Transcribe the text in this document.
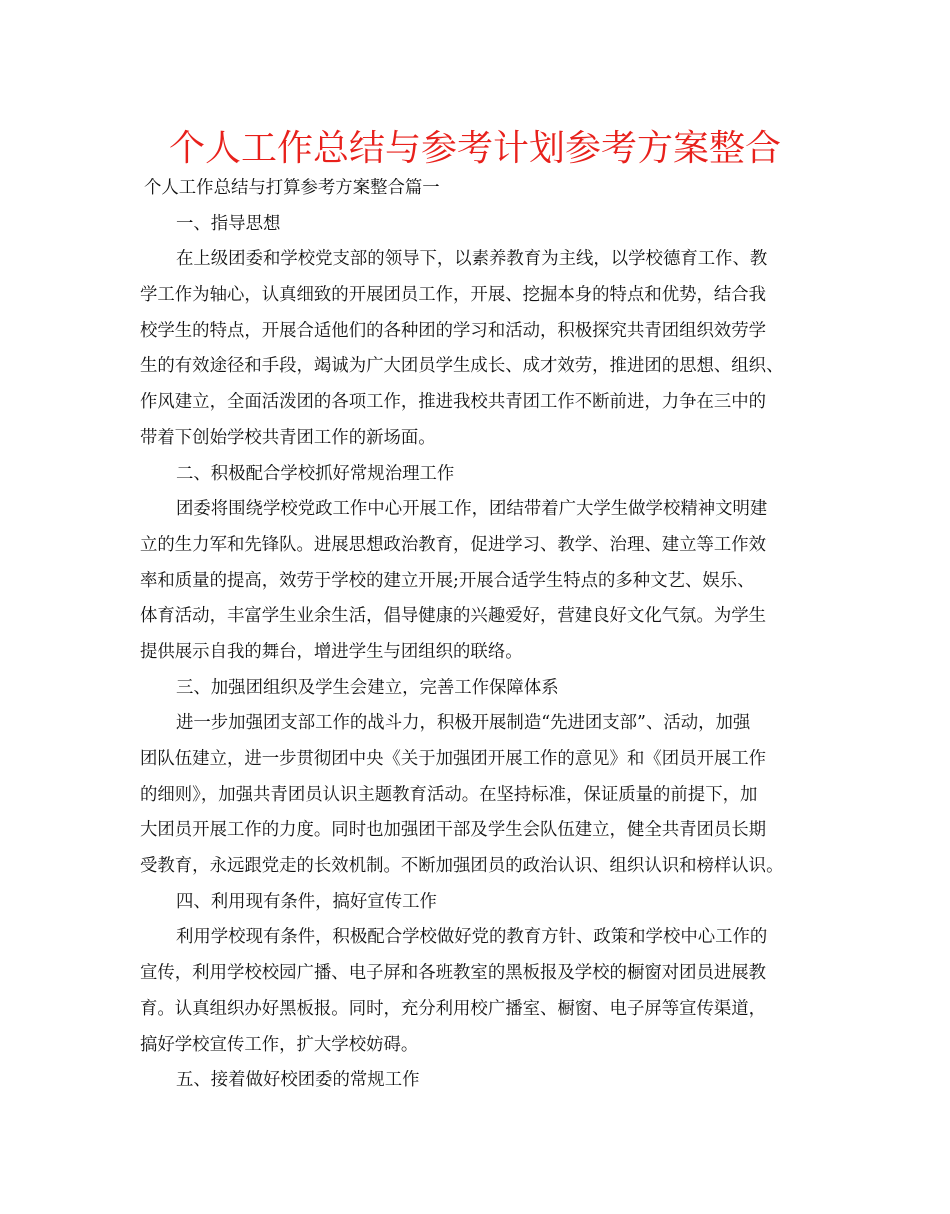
个人工作总结与参考计划参考方案整合
个人工作总结与打算参考方案整合篇一
一、指导思想
在上级团委和学校党支部的领导下，以素养教育为主线，以学校德育工作、教
学工作为轴心，认真细致的开展团员工作，开展、挖掘本身的特点和优势，结合我
校学生的特点，开展合适他们的各种团的学习和活动，积极探究共青团组织效劳学
生的有效途径和手段，竭诚为广大团员学生成长、成才效劳，推进团的思想、组织、
作风建立，全面活泼团的各项工作，推进我校共青团工作不断前进，力争在三中的
带着下创始学校共青团工作的新场面。
二、积极配合学校抓好常规治理工作
团委将围绕学校党政工作中心开展工作，团结带着广大学生做学校精神文明建
立的生力军和先锋队。进展思想政治教育，促进学习、教学、治理、建立等工作效
率和质量的提高，效劳于学校的建立开展;开展合适学生特点的多种文艺、娱乐、
体育活动，丰富学生业余生活，倡导健康的兴趣爱好，营建良好文化气氛。为学生
提供展示自我的舞台，增进学生与团组织的联络。
三、加强团组织及学生会建立，完善工作保障体系
进一步加强团支部工作的战斗力，积极开展制造“先进团支部”、活动，加强
团队伍建立，进一步贯彻团中央《关于加强团开展工作的意见》和《团员开展工作
的细则》，加强共青团员认识主题教育活动。在坚持标准，保证质量的前提下，加
大团员开展工作的力度。同时也加强团干部及学生会队伍建立，健全共青团员长期
受教育，永远跟党走的长效机制。不断加强团员的政治认识、组织认识和榜样认识。
四、利用现有条件，搞好宣传工作
利用学校现有条件，积极配合学校做好党的教育方针、政策和学校中心工作的
宣传，利用学校校园广播、电子屏和各班教室的黑板报及学校的橱窗对团员进展教
育。认真组织办好黑板报。同时，充分利用校广播室、橱窗、电子屏等宣传渠道，
搞好学校宣传工作，扩大学校妨碍。
五、接着做好校团委的常规工作
